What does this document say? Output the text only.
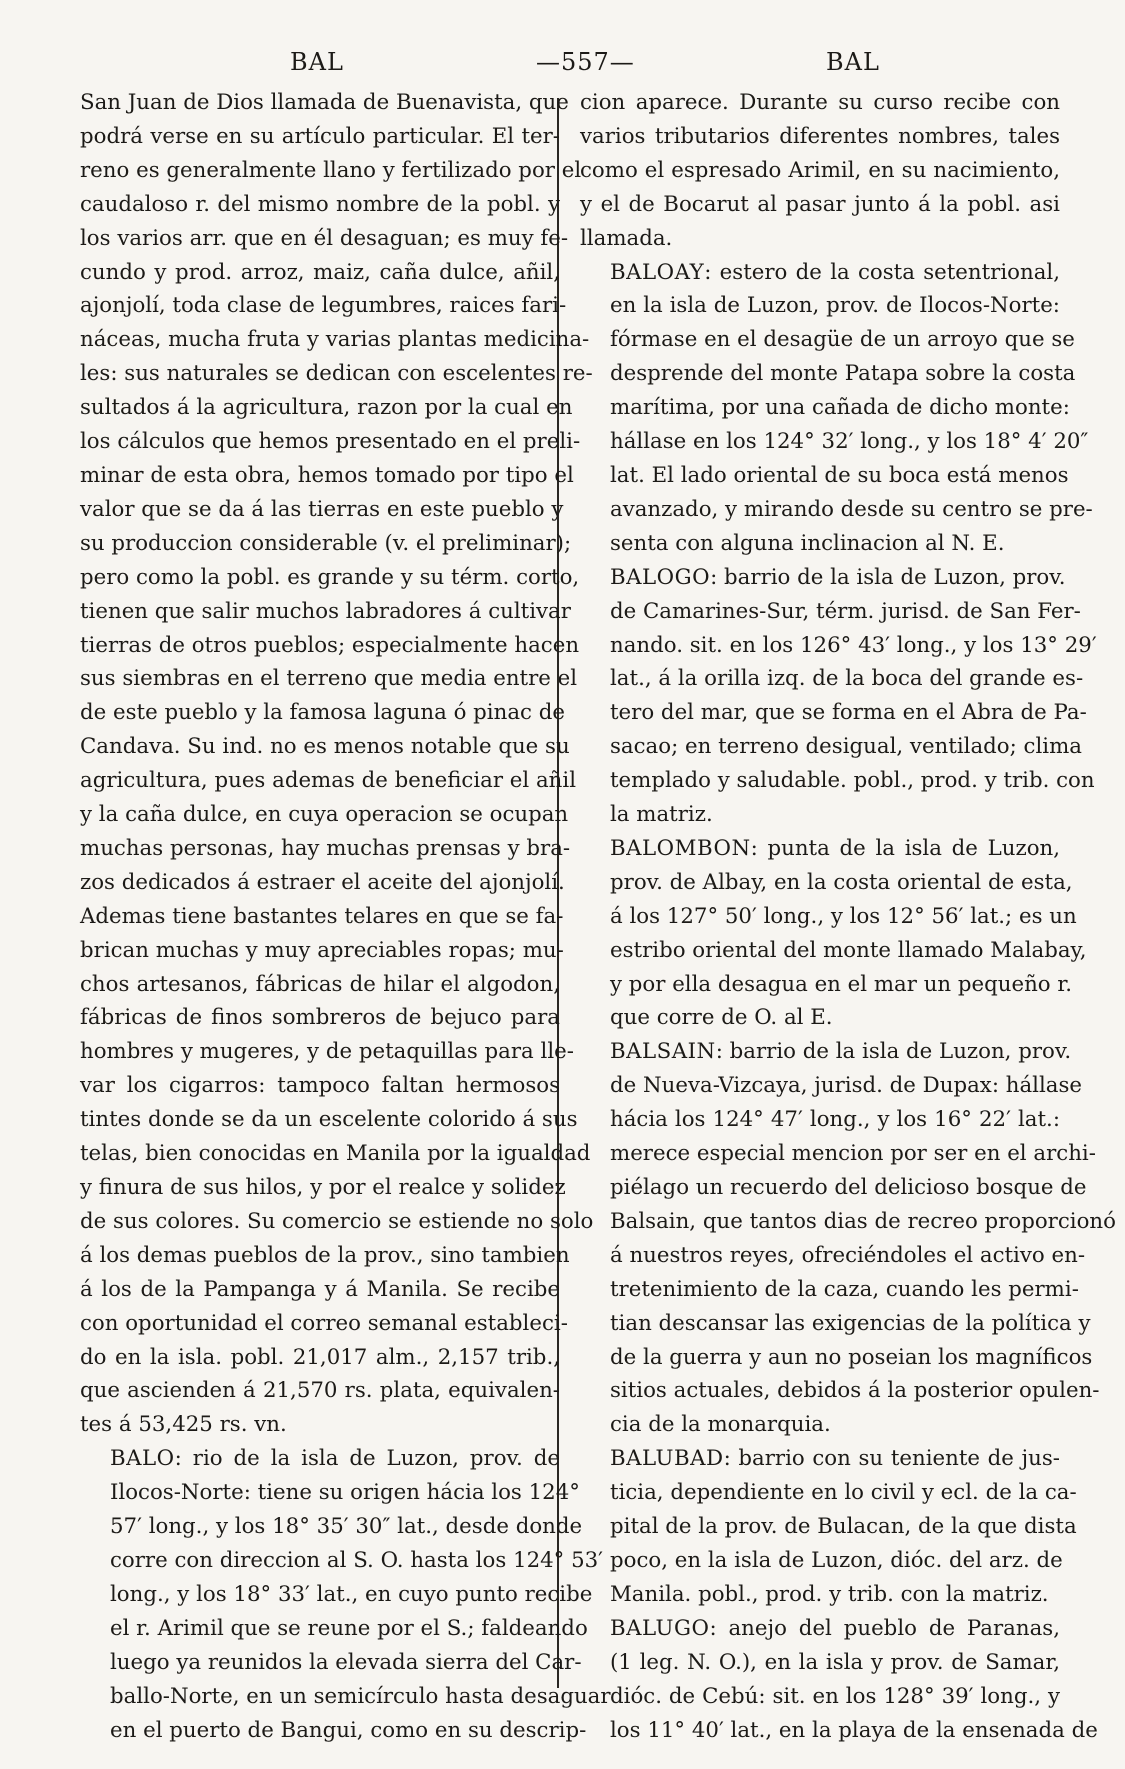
BAL	—557—	BAL

San Juan de Dios llamada de Buenavista, que
podrá verse en su artículo particular. El ter-
reno es generalmente llano y fertilizado por el
caudaloso r. del mismo nombre de la pobl. y
los varios arr. que en él desaguan; es muy fe-
cundo y prod. arroz, maiz, caña dulce, añil,
ajonjolí, toda clase de legumbres, raices fari-
náceas, mucha fruta y varias plantas medicina-
les: sus naturales se dedican con escelentes re-
sultados á la agricultura, razon por la cual en
los cálculos que hemos presentado en el preli-
minar de esta obra, hemos tomado por tipo el
valor que se da á las tierras en este pueblo y
su produccion considerable (v. el preliminar);
pero como la pobl. es grande y su térm. corto,
tienen que salir muchos labradores á cultivar
tierras de otros pueblos; especialmente hacen
sus siembras en el terreno que media entre el
de este pueblo y la famosa laguna ó pinac de
Candava. Su ind. no es menos notable que su
agricultura, pues ademas de beneficiar el añil
y la caña dulce, en cuya operacion se ocupan
muchas personas, hay muchas prensas y bra-
zos dedicados á estraer el aceite del ajonjolí.
Ademas tiene bastantes telares en que se fa-
brican muchas y muy apreciables ropas; mu-
chos artesanos, fábricas de hilar el algodon,
fábricas de finos sombreros de bejuco para
hombres y mugeres, y de petaquillas para lle-
var los cigarros: tampoco faltan hermosos
tintes donde se da un escelente colorido á sus
telas, bien conocidas en Manila por la igualdad
y finura de sus hilos, y por el realce y solidez
de sus colores. Su comercio se estiende no solo
á los demas pueblos de la prov., sino tambien
á los de la Pampanga y á Manila. Se recibe
con oportunidad el correo semanal estableci-
do en la isla. pobl. 21,017 alm., 2,157 trib.,
que ascienden á 21,570 rs. plata, equivalen-
tes á 53,425 rs. vn.

BALO: rio de la isla de Luzon, prov. de
Ilocos-Norte: tiene su origen hácia los 124°
57′ long., y los 18° 35′ 30″ lat., desde donde
corre con direccion al S. O. hasta los 124° 53′
long., y los 18° 33′ lat., en cuyo punto recibe
el r. Arimil que se reune por el S.; faldeando
luego ya reunidos la elevada sierra del Car-
ballo-Norte, en un semicírculo hasta desaguar
en el puerto de Bangui, como en su descrip-

cion aparece. Durante su curso recibe con
varios tributarios diferentes nombres, tales
como el espresado Arimil, en su nacimiento,
y el de Bocarut al pasar junto á la pobl. asi
llamada.

BALOAY: estero de la costa setentrional,
en la isla de Luzon, prov. de Ilocos-Norte:
fórmase en el desagüe de un arroyo que se
desprende del monte Patapa sobre la costa
marítima, por una cañada de dicho monte:
hállase en los 124° 32′ long., y los 18° 4′ 20″
lat. El lado oriental de su boca está menos
avanzado, y mirando desde su centro se pre-
senta con alguna inclinacion al N. E.

BALOGO: barrio de la isla de Luzon, prov.
de Camarines-Sur, térm. jurisd. de San Fer-
nando. sit. en los 126° 43′ long., y los 13° 29′
lat., á la orilla izq. de la boca del grande es-
tero del mar, que se forma en el Abra de Pa-
sacao; en terreno desigual, ventilado; clima
templado y saludable. pobl., prod. y trib. con
la matriz.

BALOMBON: punta de la isla de Luzon,
prov. de Albay, en la costa oriental de esta,
á los 127° 50′ long., y los 12° 56′ lat.; es un
estribo oriental del monte llamado Malabay,
y por ella desagua en el mar un pequeño r.
que corre de O. al E.

BALSAIN: barrio de la isla de Luzon, prov.
de Nueva-Vizcaya, jurisd. de Dupax: hállase
hácia los 124° 47′ long., y los 16° 22′ lat.:
merece especial mencion por ser en el archi-
piélago un recuerdo del delicioso bosque de
Balsain, que tantos dias de recreo proporcionó
á nuestros reyes, ofreciéndoles el activo en-
tretenimiento de la caza, cuando les permi-
tian descansar las exigencias de la política y
de la guerra y aun no poseian los magníficos
sitios actuales, debidos á la posterior opulen-
cia de la monarquia.

BALUBAD: barrio con su teniente de jus-
ticia, dependiente en lo civil y ecl. de la ca-
pital de la prov. de Bulacan, de la que dista
poco, en la isla de Luzon, dióc. del arz. de
Manila. pobl., prod. y trib. con la matriz.

BALUGO: anejo del pueblo de Paranas,
(1 leg. N. O.), en la isla y prov. de Samar,
dióc. de Cebú: sit. en los 128° 39′ long., y
los 11° 40′ lat., en la playa de la ensenada de
